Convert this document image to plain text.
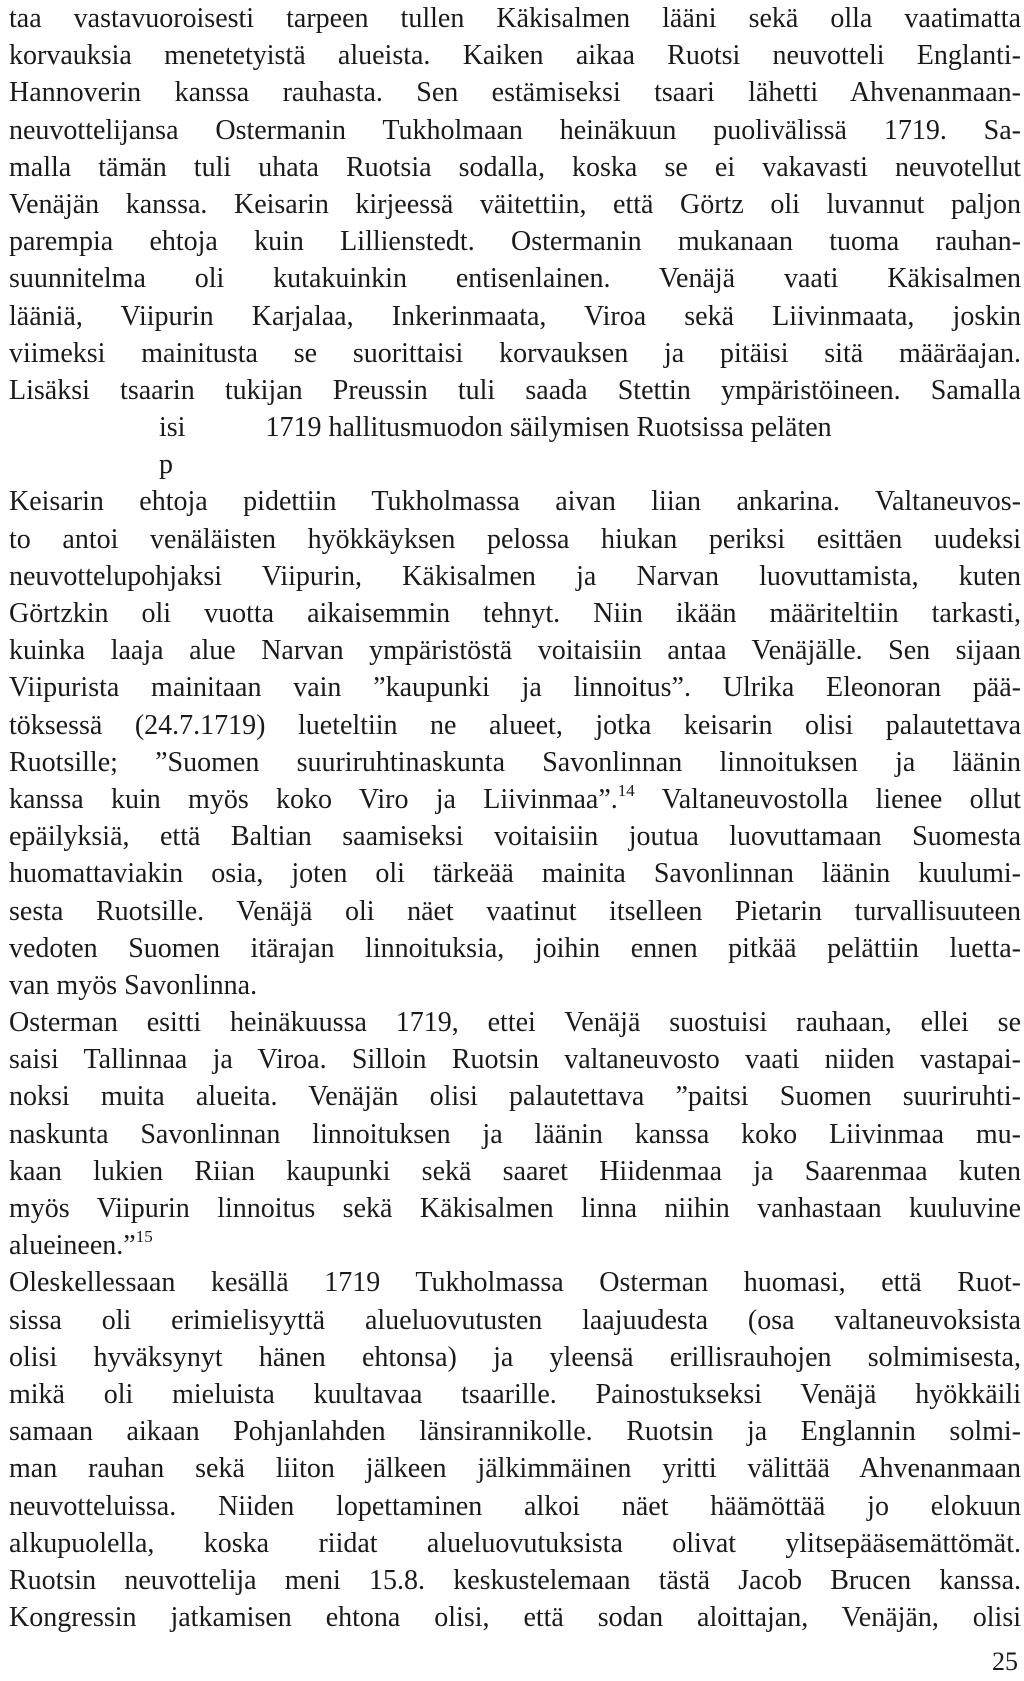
taa vastavuoroisesti tarpeen tullen Käkisalmen lääni sekä olla vaatimatta
korvauksia menetetyistä alueista. Kaiken aikaa Ruotsi neuvotteli Englanti-
Hannoverin kanssa rauhasta. Sen estämiseksi tsaari lähetti Ahvenanmaan-
neuvottelijansa Ostermanin Tukholmaan heinäkuun puolivälissä 1719. Sa-
malla tämän tuli uhata Ruotsia sodalla, koska se ei vakavasti neuvotellut
Venäjän kanssa. Keisarin kirjeessä väitettiin, että Görtz oli luvannut paljon
parempia ehtoja kuin Lillienstedt. Ostermanin mukanaan tuoma rauhan-
suunnitelma oli kutakuinkin entisenlainen. Venäjä vaati Käkisalmen
lääniä, Viipurin Karjalaa, Inkerinmaata, Viroa sekä Liivinmaata, joskin
viimeksi mainitusta se suorittaisi korvauksen ja pitäisi sitä määräajan.
Lisäksi tsaarin tukijan Preussin tuli saada Stettin ympäristöineen. Samalla
isi	1719 hallitusmuodon säilymisen Ruotsissa peläten
p
Keisarin ehtoja pidettiin Tukholmassa aivan liian ankarina. Valtaneuvos-
to antoi venäläisten hyökkäyksen pelossa hiukan periksi esittäen uudeksi
neuvottelupohjaksi Viipurin, Käkisalmen ja Narvan luovuttamista, kuten
Görtzkin oli vuotta aikaisemmin tehnyt. Niin ikään määriteltiin tarkasti,
kuinka laaja alue Narvan ympäristöstä voitaisiin antaa Venäjälle. Sen sijaan
Viipurista mainitaan vain ”kaupunki ja linnoitus”. Ulrika Eleonoran pää-
töksessä (24.7.1719) lueteltiin ne alueet, jotka keisarin olisi palautettava
Ruotsille; ”Suomen suuriruhtinaskunta Savonlinnan linnoituksen ja läänin
kanssa kuin myös koko Viro ja Liivinmaa”.$^{14}$ Valtaneuvostolla lienee ollut
epäilyksiä, että Baltian saamiseksi voitaisiin joutua luovuttamaan Suomesta
huomattaviakin osia, joten oli tärkeää mainita Savonlinnan läänin kuulumi-
sesta Ruotsille. Venäjä oli näet vaatinut itselleen Pietarin turvallisuuteen
vedoten Suomen itärajan linnoituksia, joihin ennen pitkää pelättiin luetta-
van myös Savonlinna.
Osterman esitti heinäkuussa 1719, ettei Venäjä suostuisi rauhaan, ellei se
saisi Tallinnaa ja Viroa. Silloin Ruotsin valtaneuvosto vaati niiden vastapai-
noksi muita alueita. Venäjän olisi palautettava ”paitsi Suomen suuriruhti-
naskunta Savonlinnan linnoituksen ja läänin kanssa koko Liivinmaa mu-
kaan lukien Riian kaupunki sekä saaret Hiidenmaa ja Saarenmaa kuten
myös Viipurin linnoitus sekä Käkisalmen linna niihin vanhastaan kuuluvine
alueineen.”$^{15}$
Oleskellessaan kesällä 1719 Tukholmassa Osterman huomasi, että Ruot-
sissa oli erimielisyyttä alueluovutusten laajuudesta (osa valtaneuvoksista
olisi hyväksynyt hänen ehtonsa) ja yleensä erillisrauhojen solmimisesta,
mikä oli mieluista kuultavaa tsaarille. Painostukseksi Venäjä hyökkäili
samaan aikaan Pohjanlahden länsirannikolle. Ruotsin ja Englannin solmi-
man rauhan sekä liiton jälkeen jälkimmäinen yritti välittää Ahvenanmaan
neuvotteluissa. Niiden lopettaminen alkoi näet häämöttää jo elokuun
alkupuolella, koska riidat alueluovutuksista olivat ylitsepääsemättömät.
Ruotsin neuvottelija meni 15.8. keskustelemaan tästä Jacob Brucen kanssa.
Kongressin jatkamisen ehtona olisi, että sodan aloittajan, Venäjän, olisi
25
